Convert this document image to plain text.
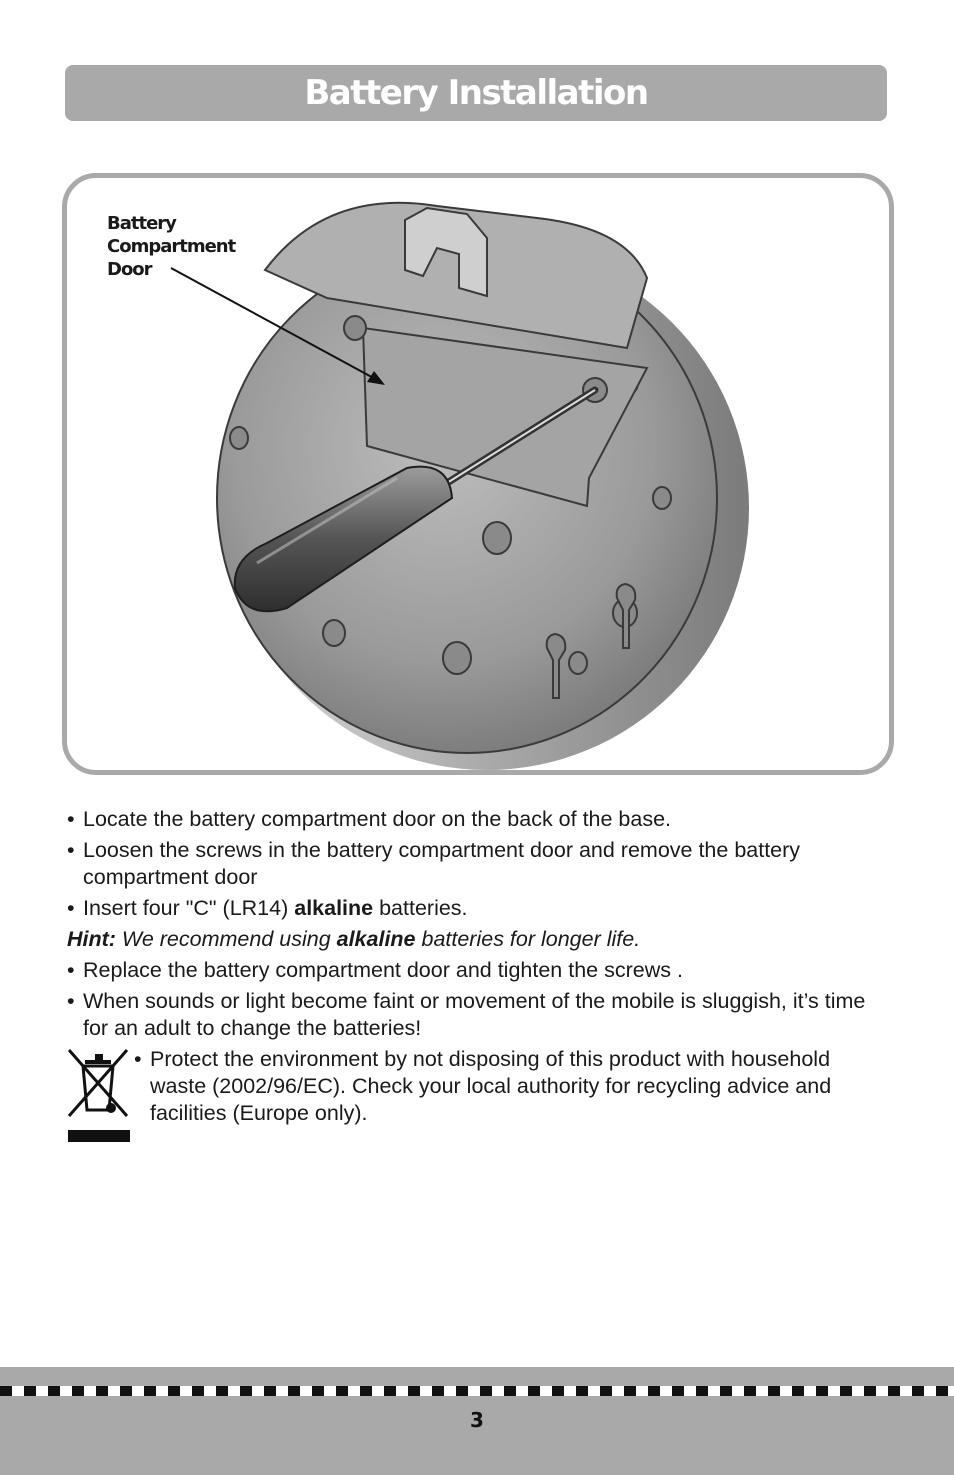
Battery Installation
Battery
Compartment
Door
• Locate the battery compartment door on the back of the base.
• Loosen the screws in the battery compartment door and remove the battery compartment door
• Insert four "C" (LR14) alkaline batteries.
Hint: We recommend using alkaline batteries for longer life.
• Replace the battery compartment door and tighten the screws .
• When sounds or light become faint or movement of the mobile is sluggish, it’s time for an adult to change the batteries!
• Protect the environment by not disposing of this product with household waste (2002/96/EC). Check your local authority for recycling advice and facilities (Europe only).
3
